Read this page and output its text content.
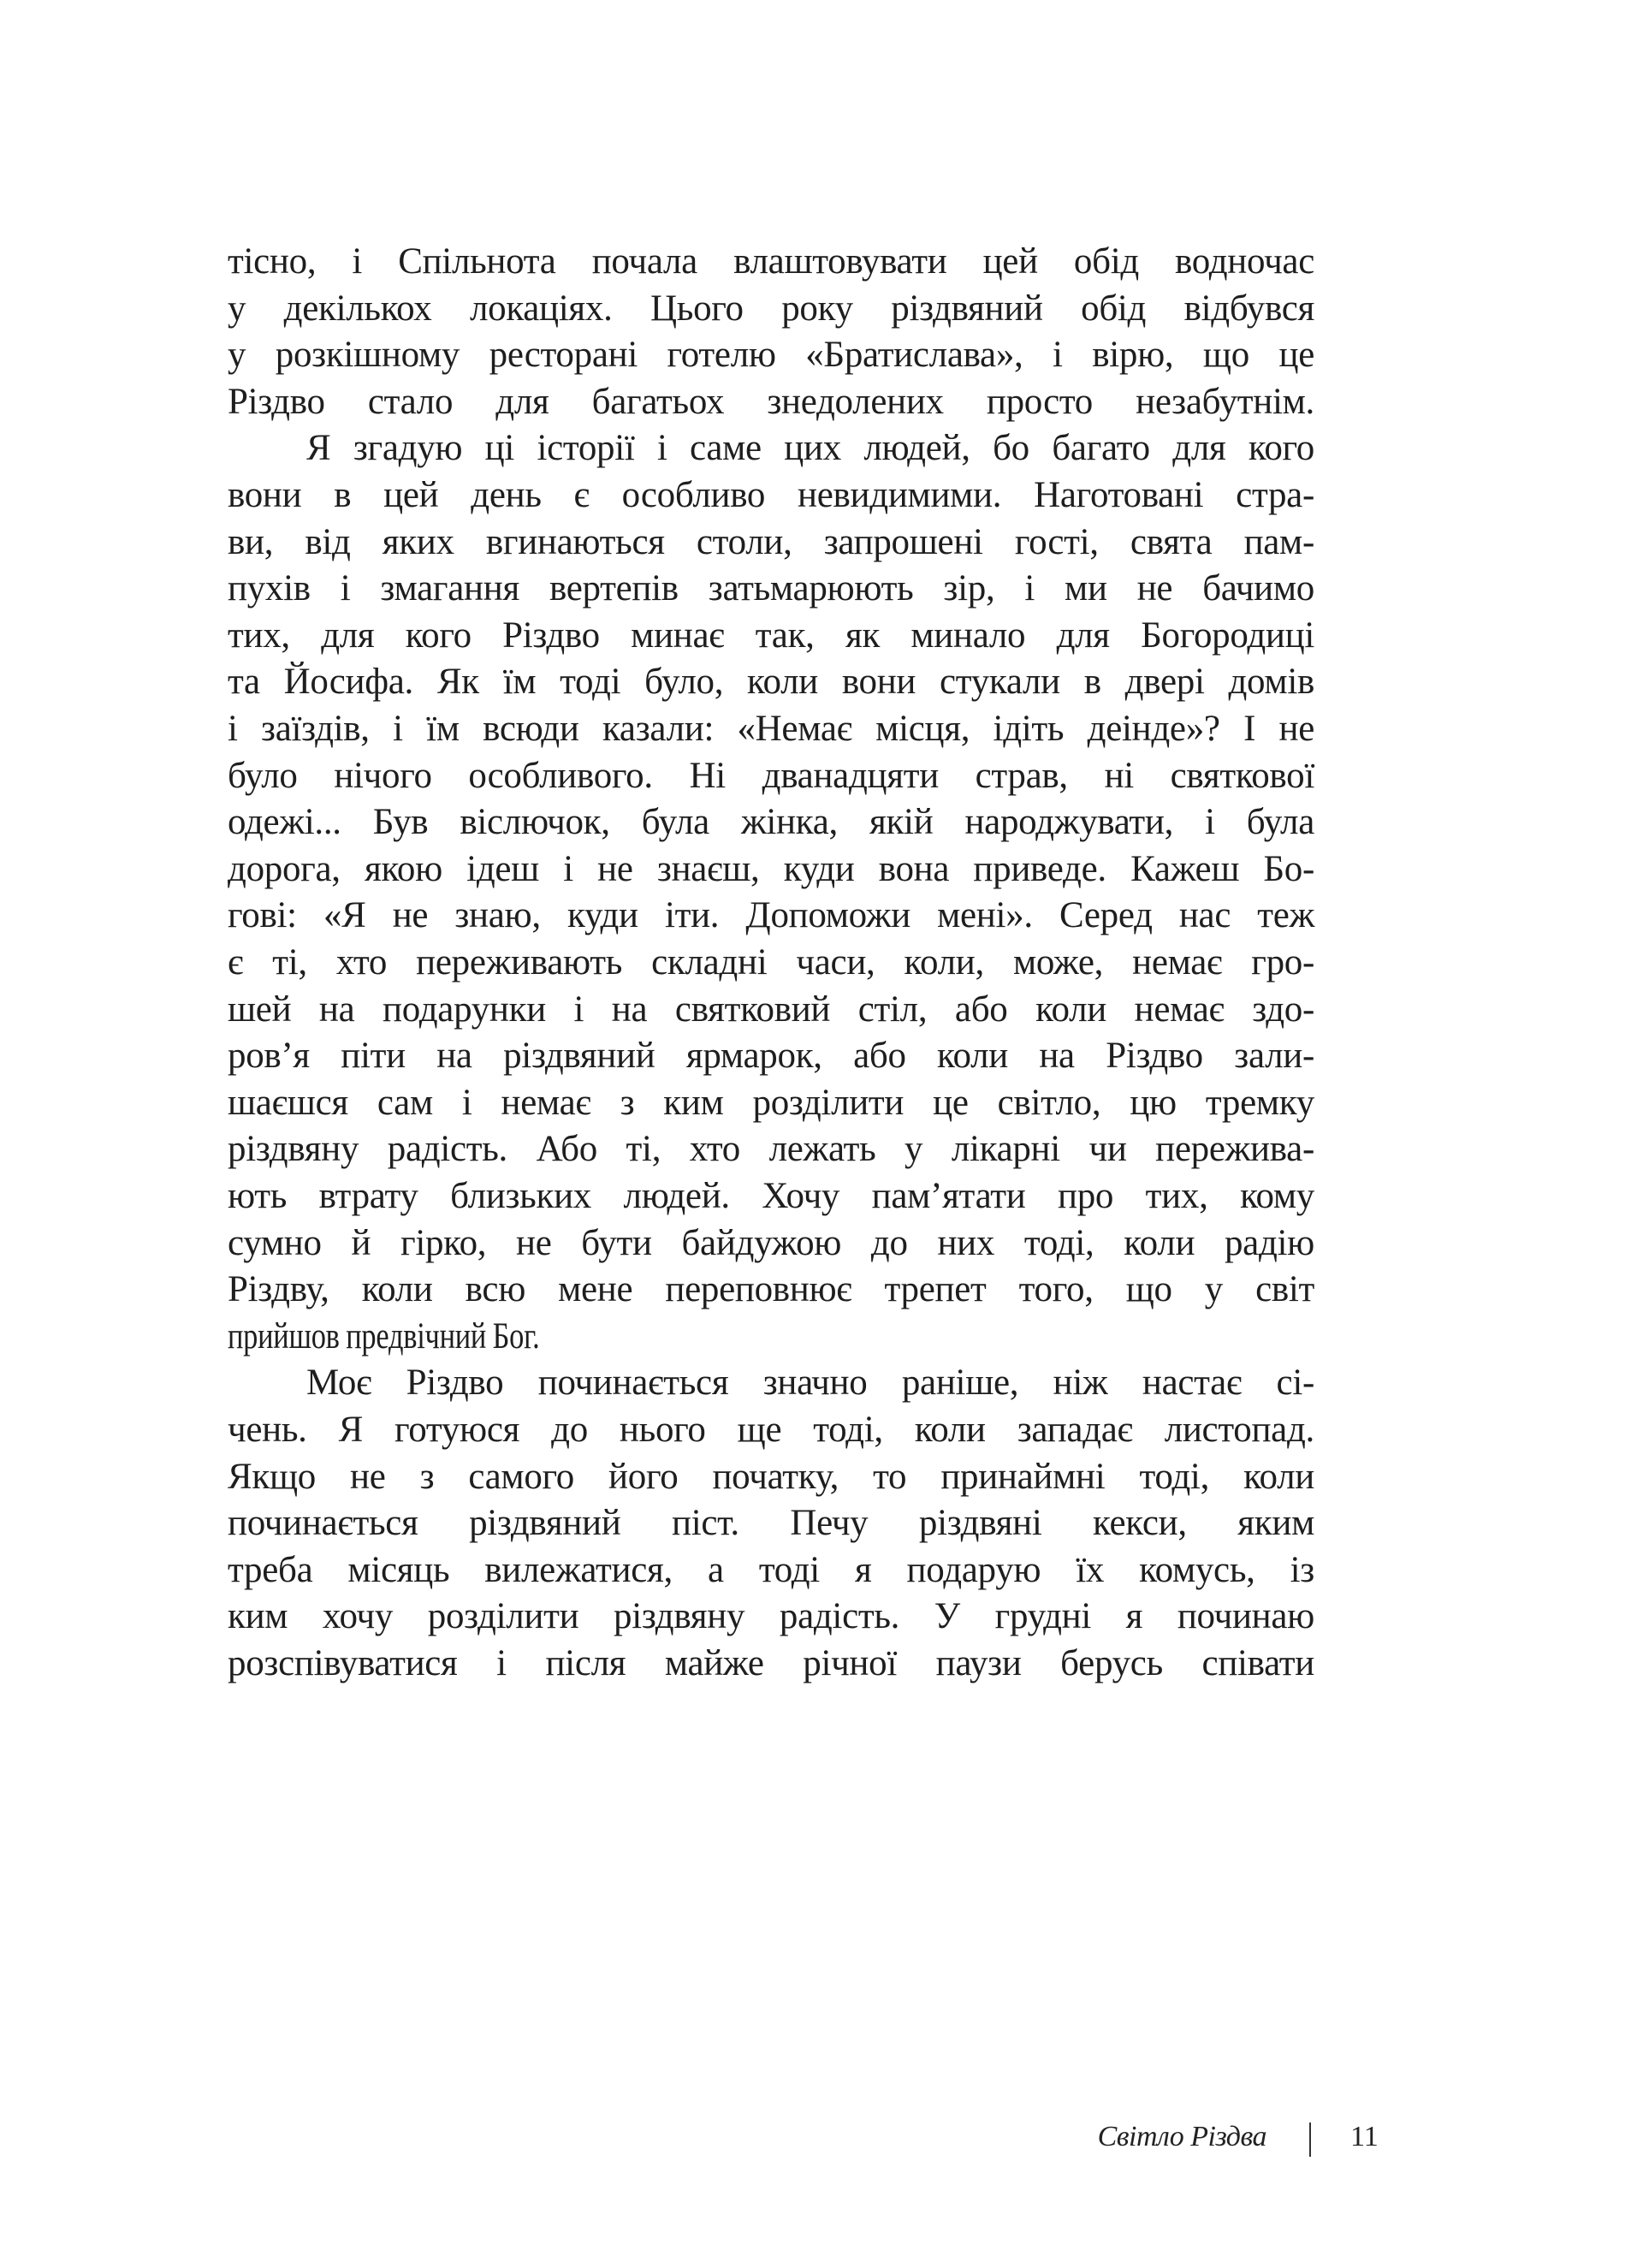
тісно, і Спільнота почала влаштовувати цей обід водночас
у декількох локаціях. Цього року різдвяний обід відбувся
у розкішному ресторані готелю «Братислава», і вірю, що це
Різдво стало для багатьох знедолених просто незабутнім.
Я згадую ці історії і саме цих людей, бо багато для кого
вони в цей день є особливо невидимими. Наготовані стра-
ви, від яких вгинаються столи, запрошені гості, свята пам-
пухів і змагання вертепів затьмарюють зір, і ми не бачимо
тих, для кого Різдво минає так, як минало для Богородиці
та Йосифа. Як їм тоді було, коли вони стукали в двері домів
і заїздів, і їм всюди казали: «Немає місця, ідіть деінде»? І не
було нічого особливого. Ні дванадцяти страв, ні святкової
одежі... Був віслючок, була жінка, якій народжувати, і була
дорога, якою ідеш і не знаєш, куди вона приведе. Кажеш Бо-
гові: «Я не знаю, куди іти. Допоможи мені». Серед нас теж
є ті, хто переживають складні часи, коли, може, немає гро-
шей на подарунки і на святковий стіл, або коли немає здо-
ров’я піти на різдвяний ярмарок, або коли на Різдво зали-
шаєшся сам і немає з ким розділити це світло, цю тремку
різдвяну радість. Або ті, хто лежать у лікарні чи пережива-
ють втрату близьких людей. Хочу пам’ятати про тих, кому
сумно й гірко, не бути байдужою до них тоді, коли радію
Різдву, коли всю мене переповнює трепет того, що у світ
прийшов предвічний Бог.
Моє Різдво починається значно раніше, ніж настає сі-
чень. Я готуюся до нього ще тоді, коли западає листопад.
Якщо не з самого його початку, то принаймні тоді, коли
починається різдвяний піст. Печу різдвяні кекси, яким
треба місяць вилежатися, а тоді я подарую їх комусь, із
ким хочу розділити різдвяну радість. У грудні я починаю
розспівуватися і після майже річної паузи берусь співати
Світло Різдва	11
